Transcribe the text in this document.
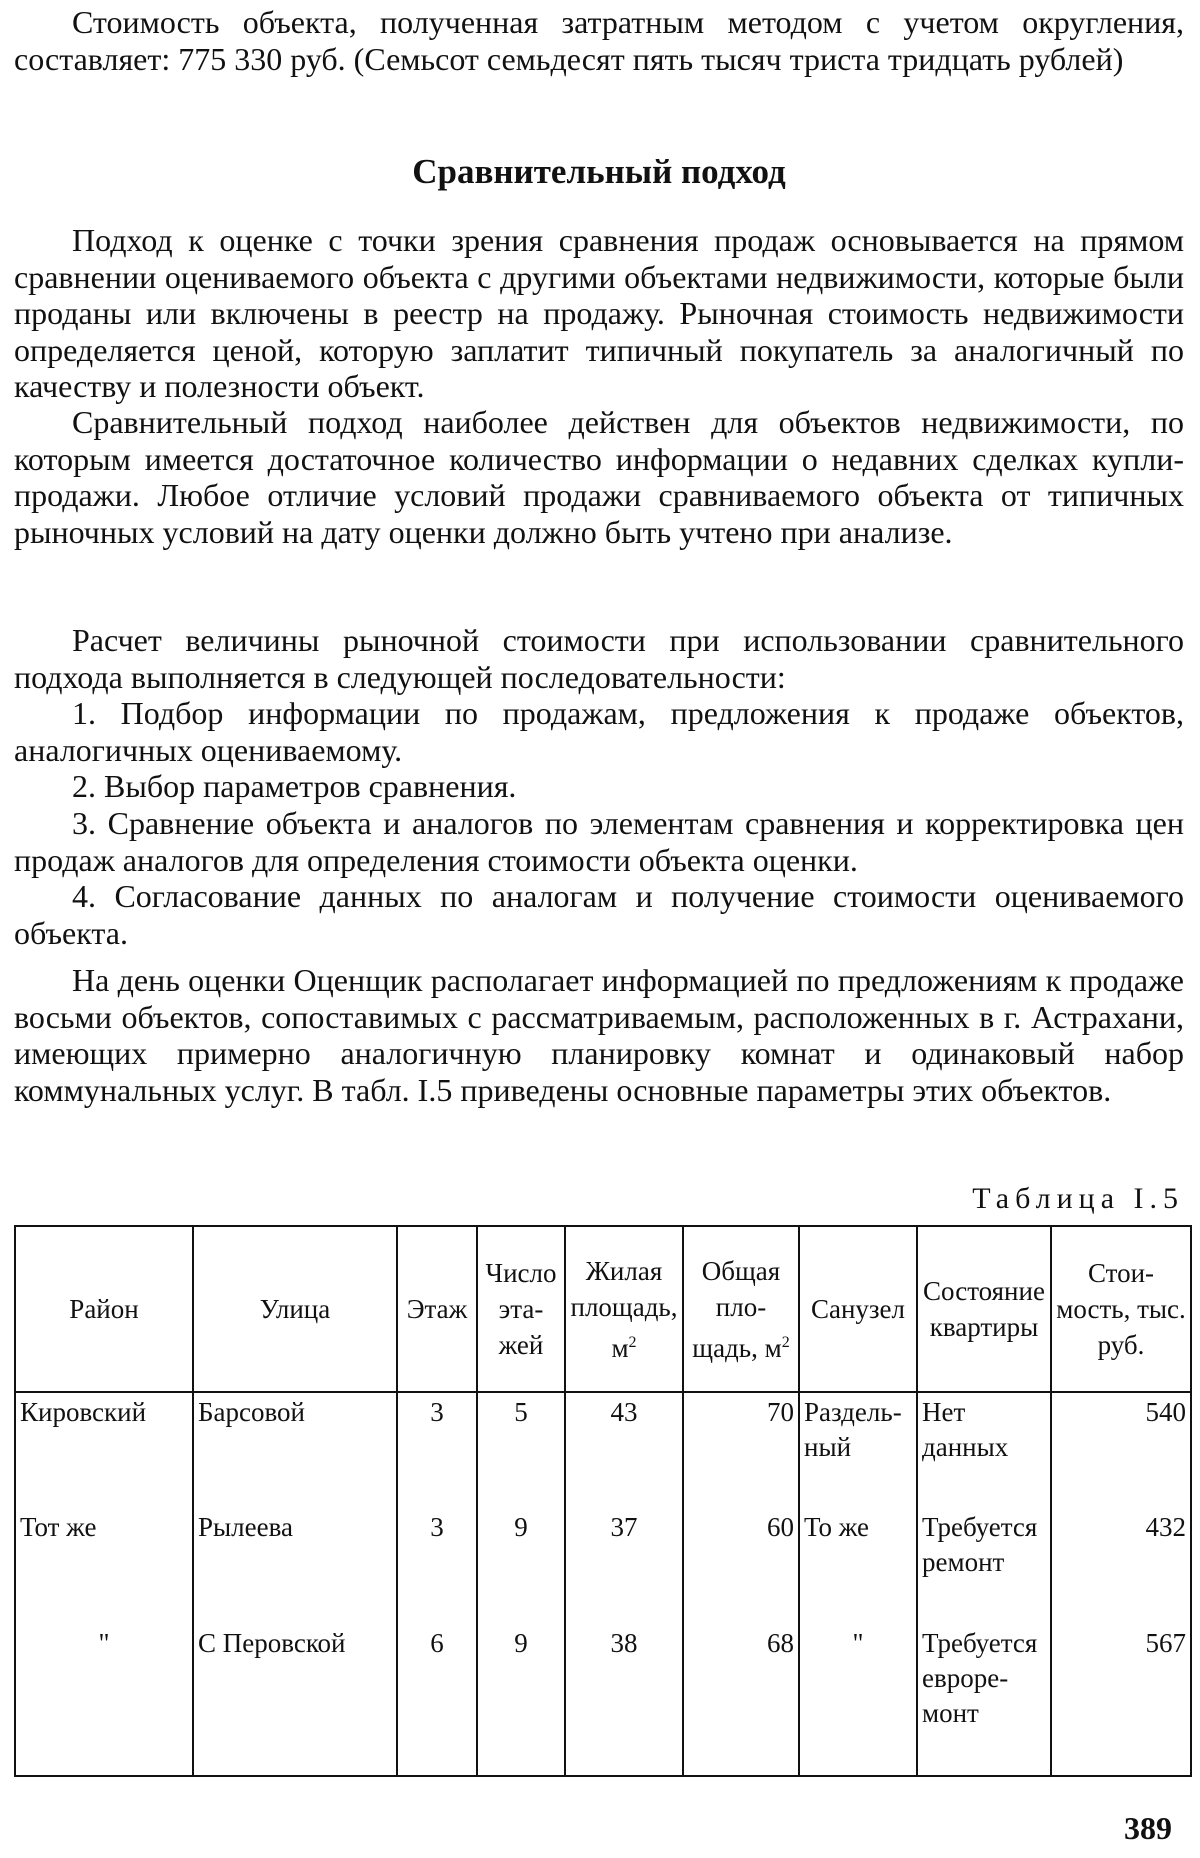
Стоимость объекта, полученная затратным методом с учетом округления, составляет: 775 330 руб. (Семьсот семьдесят пять тысяч триста тридцать рублей)

Сравнительный подход

Подход к оценке с точки зрения сравнения продаж основывается на прямом сравнении оцениваемого объекта с другими объектами недвижимости, которые были проданы или включены в реестр на продажу. Рыночная стоимость недвижимости определяется ценой, которую заплатит типичный покупатель за аналогичный по качеству и полезности объект.

Сравнительный подход наиболее действен для объектов недвижимости, по которым имеется достаточное количество информации о недавних сделках купли-продажи. Любое отличие условий продажи сравниваемого объекта от типичных рыночных условий на дату оценки должно быть учтено при анализе.

Расчет величины рыночной стоимости при использовании сравнительного подхода выполняется в следующей последовательности:

1. Подбор информации по продажам, предложения к продаже объектов, аналогичных оцениваемому.

2. Выбор параметров сравнения.

3. Сравнение объекта и аналогов по элементам сравнения и корректировка цен продаж аналогов для определения стоимости объекта оценки.

4. Согласование данных по аналогам и получение стоимости оцениваемого объекта.

На день оценки Оценщик располагает информацией по предложениям к продаже восьми объектов, сопоставимых с рассматриваемым, расположенных в г. Астрахани, имеющих примерно аналогичную планировку комнат и одинаковый набор коммунальных услуг. В табл. I.5 приведены основные параметры этих объектов.

Таблица I.5
Район	Улица	Этаж	Число этажей	Жилая площадь, $м^2$	Общая площадь, $м^2$	Санузел	Состояние квартиры	Стоимость, тыс. руб.
Кировский	Барсовой	3	5	43	70	Раздельный	Нет данных	540
Тот же	Рылеева	3	9	37	60	То же	Требуется ремонт	432
"	С Перовской	6	9	38	68	"	Требуется евроремонт	567
389
